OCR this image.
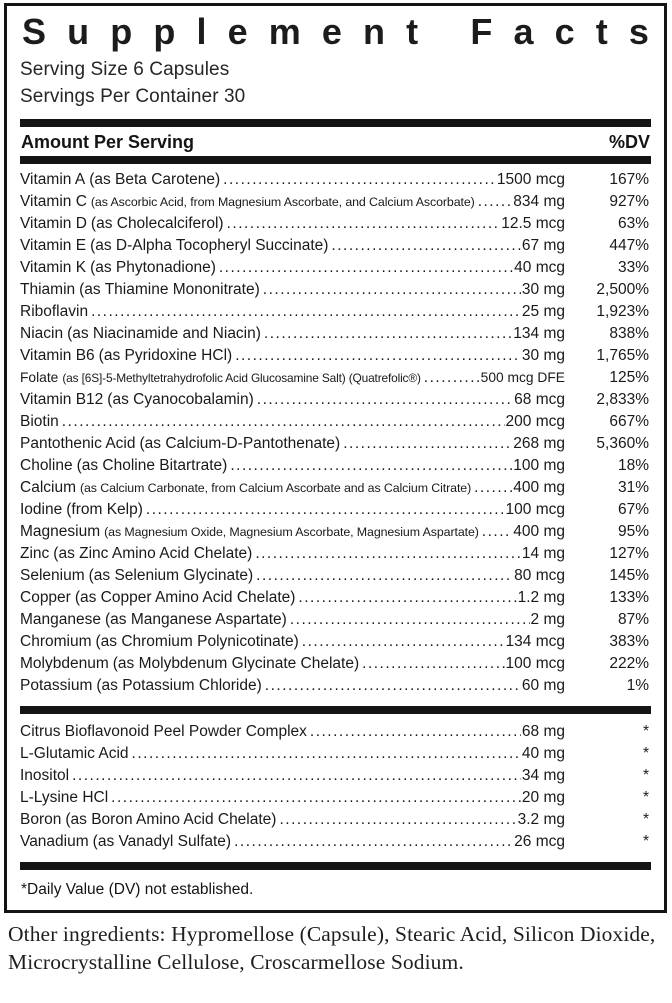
S u p p l e m e n t
F a c t s
Serving Size 6 Capsules
Servings Per Container 30
Amount Per Serving	%DV
Vitamin A (as Beta Carotene) .....	1500 mcg	167%
Vitamin C (as Ascorbic Acid, from Magnesium Ascorbate, and Calcium Ascorbate) ..... 834 mg	927%
Vitamin D (as Cholecalciferol) .....	12.5 mcg	63%
Vitamin E (as D-Alpha Tocopheryl Succinate) .....	67 mg	447%
Vitamin K (as Phytonadione) .....	40 mcg	33%
Thiamin (as Thiamine Mononitrate) .....	30 mg	2,500%
Riboflavin .....	25 mg	1,923%
Niacin (as Niacinamide and Niacin) .....	134 mg	838%
Vitamin B6 (as Pyridoxine HCl) .....	30 mg	1,765%
Folate (as [6S]-5-Methyltetrahydrofolic Acid Glucosamine Salt) (Quatrefolic®) .....	500 mcg DFE	125%
Vitamin B12 (as Cyanocobalamin) .....	68 mcg	2,833%
Biotin .....	200 mcg	667%
Pantothenic Acid (as Calcium-D-Pantothenate) .....	268 mg	5,360%
Choline (as Choline Bitartrate) .....	100 mg	18%
Calcium (as Calcium Carbonate, from Calcium Ascorbate and as Calcium Citrate) .....	400 mg	31%
Iodine (from Kelp) .....	100 mcg	67%
Magnesium (as Magnesium Oxide, Magnesium Ascorbate, Magnesium Aspartate) ..... 400 mg	95%
Zinc (as Zinc Amino Acid Chelate) .....	14 mg	127%
Selenium (as Selenium Glycinate) .....	80 mcg	145%
Copper (as Copper Amino Acid Chelate) .....	1.2 mg	133%
Manganese (as Manganese Aspartate) .....	2 mg	87%
Chromium (as Chromium Polynicotinate) .....	134 mcg	383%
Molybdenum (as Molybdenum Glycinate Chelate) .....	100 mcg	222%
Potassium (as Potassium Chloride) .....	60 mg	1%
Citrus Bioflavonoid Peel Powder Complex .....	68 mg	*
L-Glutamic Acid .....	40 mg	*
Inositol .....	34 mg	*
L-Lysine HCl .....	20 mg	*
Boron (as Boron Amino Acid Chelate) .....	3.2 mg	*
Vanadium (as Vanadyl Sulfate) .....	26 mcg	*
*Daily Value (DV) not established.

Other ingredients: Hypromellose (Capsule), Stearic Acid, Silicon Dioxide, Microcrystalline Cellulose, Croscarmellose Sodium.
